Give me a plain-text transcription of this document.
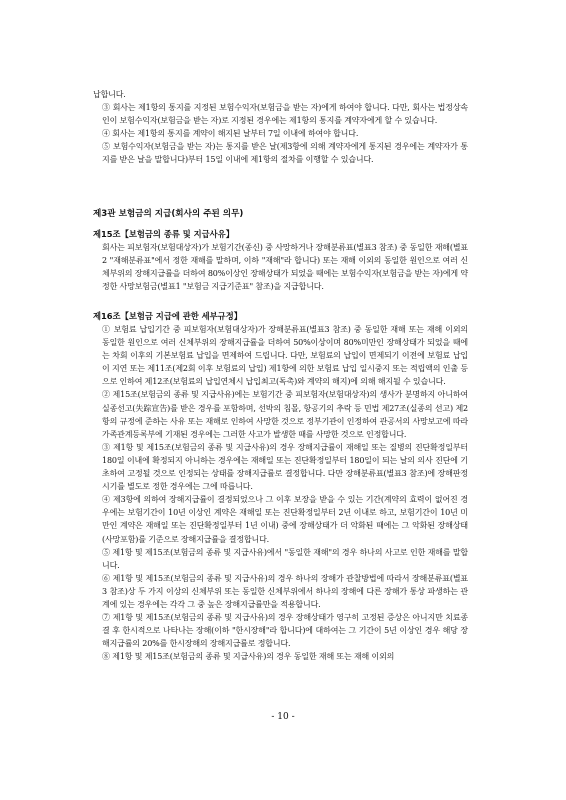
납합니다.

③ 회사는 제1항의 통지를 지정된 보험수익자(보험금을 받는 자)에게 하여야 합니다. 다만, 회사는 법정상속인이 보험수익자(보험금을 받는 자)로 지정된 경우에는 제1항의 통지를 계약자에게 할 수 있습니다.

④ 회사는 제1항의 통지를 계약이 해지된 날부터 7일 이내에 하여야 합니다.

⑤ 보험수익자(보험금을 받는 자)는 통지를 받은 날(제3항에 의해 계약자에게 통지된 경우에는 계약자가 통지를 받은 날을 말합니다)부터 15일 이내에 제1항의 절차를 이행할 수 있습니다.

제3관 보험금의 지급(회사의 주된 의무)

제15조【보험금의 종류 및 지급사유】

회사는 피보험자(보험대상자)가 보험기간(종신) 중 사망하거나 장해분류표(별표3 참조) 중 동일한 재해(별표2 "재해분류표"에서 정한 재해를 말하며, 이하 "재해"라 합니다) 또는 재해 이외의 동일한 원인으로 여러 신체부위의 장해지급률을 더하여 80%이상인 장해상태가 되었을 때에는 보험수익자(보험금을 받는 자)에게 약정한 사망보험금(별표1 "보험금 지급기준표" 참조)을 지급합니다.

제16조【보험금 지급에 관한 세부규정】

① 보험료 납입기간 중 피보험자(보험대상자)가 장해분류표(별표3 참조) 중 동일한 재해 또는 재해 이외의 동일한 원인으로 여러 신체부위의 장해지급률을 더하여 50%이상이며 80%미만인 장해상태가 되었을 때에는 차회 이후의 기본보험료 납입을 면제하여 드립니다. 다만, 보험료의 납입이 면제되기 이전에 보험료 납입이 지연 또는 제11조(제2회 이후 보험료의 납입) 제1항에 의한 보험료 납입 일시중지 또는 적립액의 인출 등으로 인하여 제12조(보험료의 납입연체시 납입최고(독촉)와 계약의 해지)에 의해 해지될 수 있습니다.

② 제15조(보험금의 종류 및 지급사유)에는 보험기간 중 피보험자(보험대상자)의 생사가 분명하지 아니하여 실종선고(失踪宣告)를 받은 경우를 포함하며, 선박의 침몰, 항공기의 추락 등 민법 제27조(실종의 선고) 제2항의 규정에 준하는 사유 또는 재해로 인하여 사망한 것으로 정부기관이 인정하여 관공서의 사망보고에 따라 가족관계등록부에 기재된 경우에는 그러한 사고가 발생한 때를 사망한 것으로 인정합니다.

③ 제1항 및 제15조(보험금의 종류 및 지급사유)의 경우 장해지급률이 재해일 또는 질병의 진단확정일부터 180일 이내에 확정되지 아니하는 경우에는 재해일 또는 진단확정일부터 180일이 되는 날의 의사 진단에 기초하여 고정될 것으로 인정되는 상태를 장해지급률로 결정합니다. 다만 장해분류표(별표3 참조)에 장해판정시기를 별도로 정한 경우에는 그에 따릅니다.

④ 제3항에 의하여 장해지급률이 결정되었으나 그 이후 보장을 받을 수 있는 기간(계약의 효력이 없어진 경우에는 보험기간이 10년 이상인 계약은 재해일 또는 진단확정일부터 2년 이내로 하고, 보험기간이 10년 미만인 계약은 재해일 또는 진단확정일부터 1년 이내) 중에 장해상태가 더 악화된 때에는 그 악화된 장해상태(사망포함)를 기준으로 장해지급률을 결정합니다.

⑤ 제1항 및 제15조(보험금의 종류 및 지급사유)에서 "동일한 재해"의 경우 하나의 사고로 인한 재해를 말합니다.

⑥ 제1항 및 제15조(보험금의 종류 및 지급사유)의 경우 하나의 장해가 관찰방법에 따라서 장해분류표(별표3 참조)상 두 가지 이상의 신체부위 또는 동일한 신체부위에서 하나의 장해에 다른 장해가 통상 파생하는 관계에 있는 경우에는 각각 그 중 높은 장해지급률만을 적용합니다.

⑦ 제1항 및 제15조(보험금의 종류 및 지급사유)의 경우 장해상태가 영구히 고정된 증상은 아니지만 치료종결 후 한시적으로 나타나는 장해(이하 "한시장해"라 합니다)에 대하여는 그 기간이 5년 이상인 경우 해당 장해지급률의 20%를 한시장해의 장해지급률로 정합니다.

⑧ 제1항 및 제15조(보험금의 종류 및 지급사유)의 경우 동일한 재해 또는 재해 이외의

- 10 -
